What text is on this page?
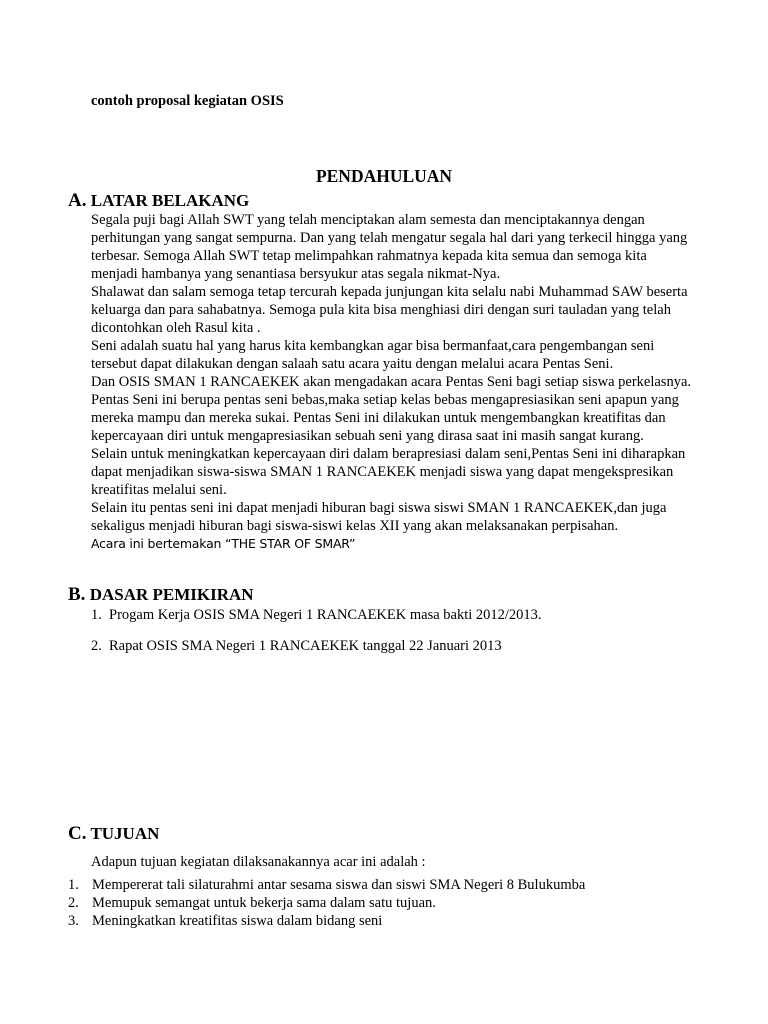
contoh proposal kegiatan OSIS

PENDAHULUAN
A. LATAR BELAKANG

Segala puji bagi Allah SWT yang telah menciptakan alam semesta dan menciptakannya dengan perhitungan yang sangat sempurna. Dan yang telah mengatur segala hal dari yang terkecil hingga yang terbesar. Semoga Allah SWT tetap melimpahkan rahmatnya kepada kita semua dan semoga kita menjadi hambanya yang senantiasa bersyukur atas segala nikmat-Nya.

Shalawat dan salam semoga tetap tercurah kepada junjungan kita selalu nabi Muhammad SAW beserta keluarga dan para sahabatnya. Semoga pula kita bisa menghiasi diri dengan suri tauladan yang telah dicontohkan oleh Rasul kita .

Seni adalah suatu hal yang harus kita kembangkan agar bisa bermanfaat,cara pengembangan seni tersebut dapat dilakukan dengan salaah satu acara yaitu dengan melalui acara Pentas Seni.

Dan OSIS SMAN 1 RANCAEKEK akan mengadakan acara Pentas Seni bagi setiap siswa perkelasnya. Pentas Seni ini berupa pentas seni bebas,maka setiap kelas bebas mengapresiasikan seni apapun yang mereka mampu dan mereka sukai. Pentas Seni ini dilakukan untuk mengembangkan kreatifitas dan kepercayaan diri untuk mengapresiasikan sebuah seni yang dirasa saat ini masih sangat kurang.

Selain untuk meningkatkan kepercayaan diri dalam berapresiasi dalam seni,Pentas Seni ini diharapkan dapat menjadikan siswa-siswa SMAN 1 RANCAEKEK menjadi siswa yang dapat mengekspresikan kreatifitas melalui seni.

Selain itu pentas seni ini dapat menjadi hiburan bagi siswa siswi SMAN 1 RANCAEKEK,dan juga sekaligus menjadi hiburan bagi siswa-siswi kelas XII yang akan melaksanakan perpisahan.

Acara ini bertemakan “THE STAR OF SMAR”

B. DASAR PEMIKIRAN
1. Progam Kerja OSIS SMA Negeri 1 RANCAEKEK masa bakti 2012/2013.
2. Rapat OSIS SMA Negeri 1 RANCAEKEK tanggal 22 Januari 2013
C. TUJUAN

Adapun tujuan kegiatan dilaksanakannya acar ini adalah :

1. Mempererat tali silaturahmi antar sesama siswa dan siswi SMA Negeri 8 Bulukumba
2. Memupuk semangat untuk bekerja sama dalam satu tujuan.
3. Meningkatkan kreatifitas siswa dalam bidang seni
